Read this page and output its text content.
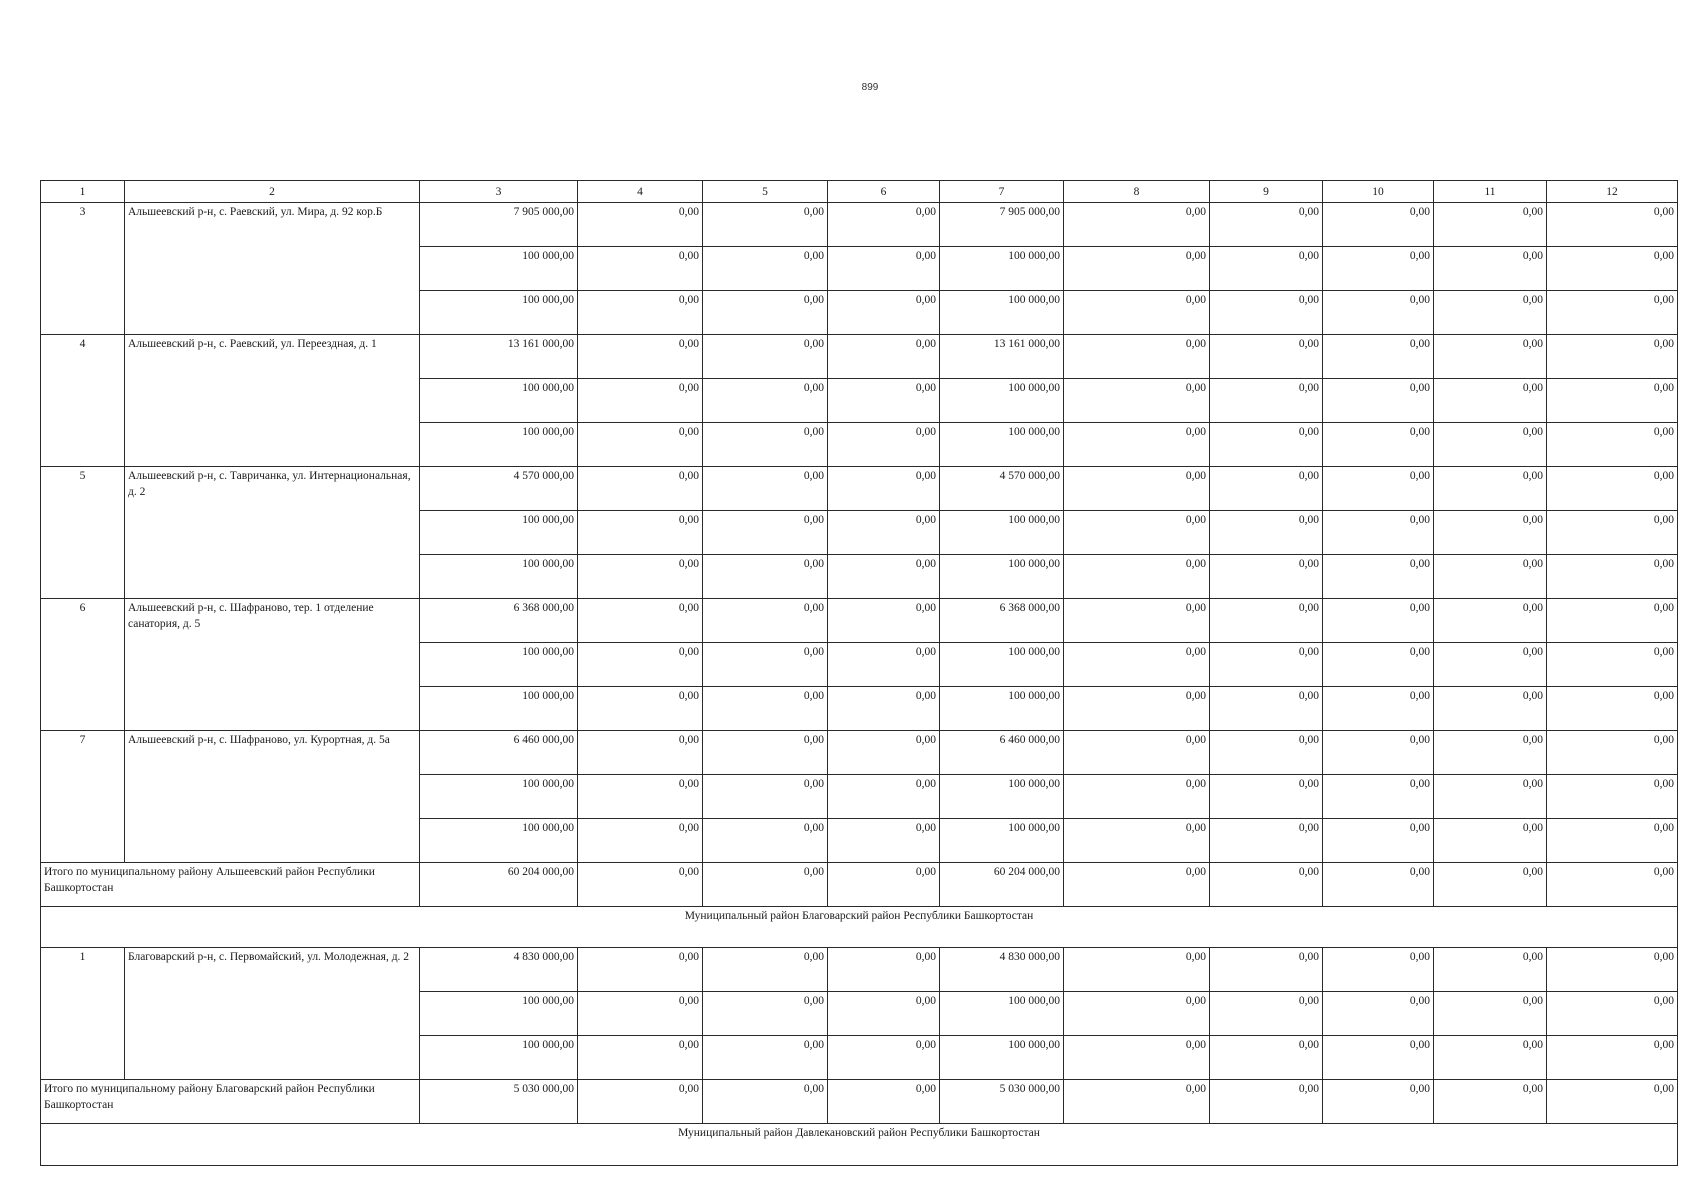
899
1	2	3	4	5	6	7	8	9	10	11	12
3	Альшеевский р-н, с. Раевский, ул. Мира, д. 92 кор.Б	7 905 000,00	0,00	0,00	0,00	7 905 000,00	0,00	0,00	0,00	0,00	0,00
		100 000,00	0,00	0,00	0,00	100 000,00	0,00	0,00	0,00	0,00	0,00
		100 000,00	0,00	0,00	0,00	100 000,00	0,00	0,00	0,00	0,00	0,00
4	Альшеевский р-н, с. Раевский, ул. Переездная, д. 1	13 161 000,00	0,00	0,00	0,00	13 161 000,00	0,00	0,00	0,00	0,00	0,00
		100 000,00	0,00	0,00	0,00	100 000,00	0,00	0,00	0,00	0,00	0,00
		100 000,00	0,00	0,00	0,00	100 000,00	0,00	0,00	0,00	0,00	0,00
5	Альшеевский р-н, с. Тавричанка, ул. Интернациональная, д. 2	4 570 000,00	0,00	0,00	0,00	4 570 000,00	0,00	0,00	0,00	0,00	0,00
		100 000,00	0,00	0,00	0,00	100 000,00	0,00	0,00	0,00	0,00	0,00
		100 000,00	0,00	0,00	0,00	100 000,00	0,00	0,00	0,00	0,00	0,00
6	Альшеевский р-н, с. Шафраново, тер. 1 отделение санатория, д. 5	6 368 000,00	0,00	0,00	0,00	6 368 000,00	0,00	0,00	0,00	0,00	0,00
		100 000,00	0,00	0,00	0,00	100 000,00	0,00	0,00	0,00	0,00	0,00
		100 000,00	0,00	0,00	0,00	100 000,00	0,00	0,00	0,00	0,00	0,00
7	Альшеевский р-н, с. Шафраново, ул. Курортная, д. 5а	6 460 000,00	0,00	0,00	0,00	6 460 000,00	0,00	0,00	0,00	0,00	0,00
		100 000,00	0,00	0,00	0,00	100 000,00	0,00	0,00	0,00	0,00	0,00
		100 000,00	0,00	0,00	0,00	100 000,00	0,00	0,00	0,00	0,00	0,00
Итого по муниципальному району Альшеевский район Республики Башкортостан		60 204 000,00	0,00	0,00	0,00	60 204 000,00	0,00	0,00	0,00	0,00	0,00
Муниципальный район Благоварский район Республики Башкортостан											
1	Благоварский р-н, с. Первомайский, ул. Молодежная, д. 2	4 830 000,00	0,00	0,00	0,00	4 830 000,00	0,00	0,00	0,00	0,00	0,00
		100 000,00	0,00	0,00	0,00	100 000,00	0,00	0,00	0,00	0,00	0,00
		100 000,00	0,00	0,00	0,00	100 000,00	0,00	0,00	0,00	0,00	0,00
Итого по муниципальному району Благоварский район Республики Башкортостан		5 030 000,00	0,00	0,00	0,00	5 030 000,00	0,00	0,00	0,00	0,00	0,00
Муниципальный район Давлекановский район Республики Башкортостан											
